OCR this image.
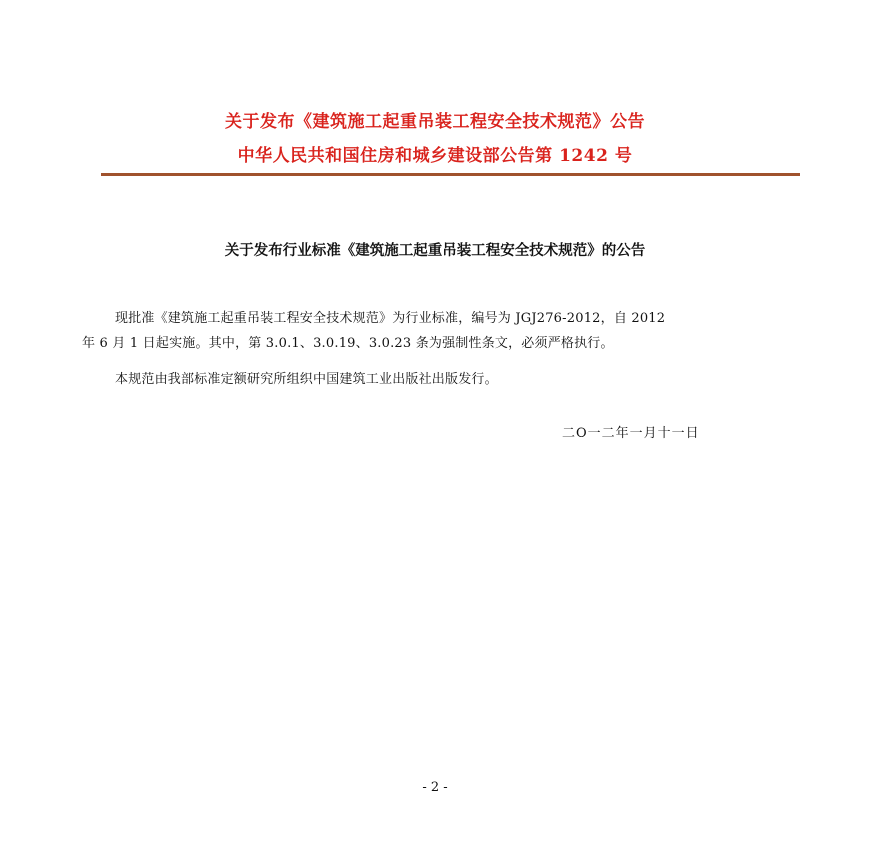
关于发布《建筑施工起重吊装工程安全技术规范》公告
中华人民共和国住房和城乡建设部公告第 1242 号
关于发布行业标准《建筑施工起重吊装工程安全技术规范》的公告
现批准《建筑施工起重吊装工程安全技术规范》为行业标准，编号为 JGJ276-2012，自 2012
年 6 月 1 日起实施。其中，第 3.0.1、3.0.19、3.0.23 条为强制性条文，必须严格执行。
本规范由我部标准定额研究所组织中国建筑工业出版社出版发行。
二O一二年一月十一日
- 2 -
